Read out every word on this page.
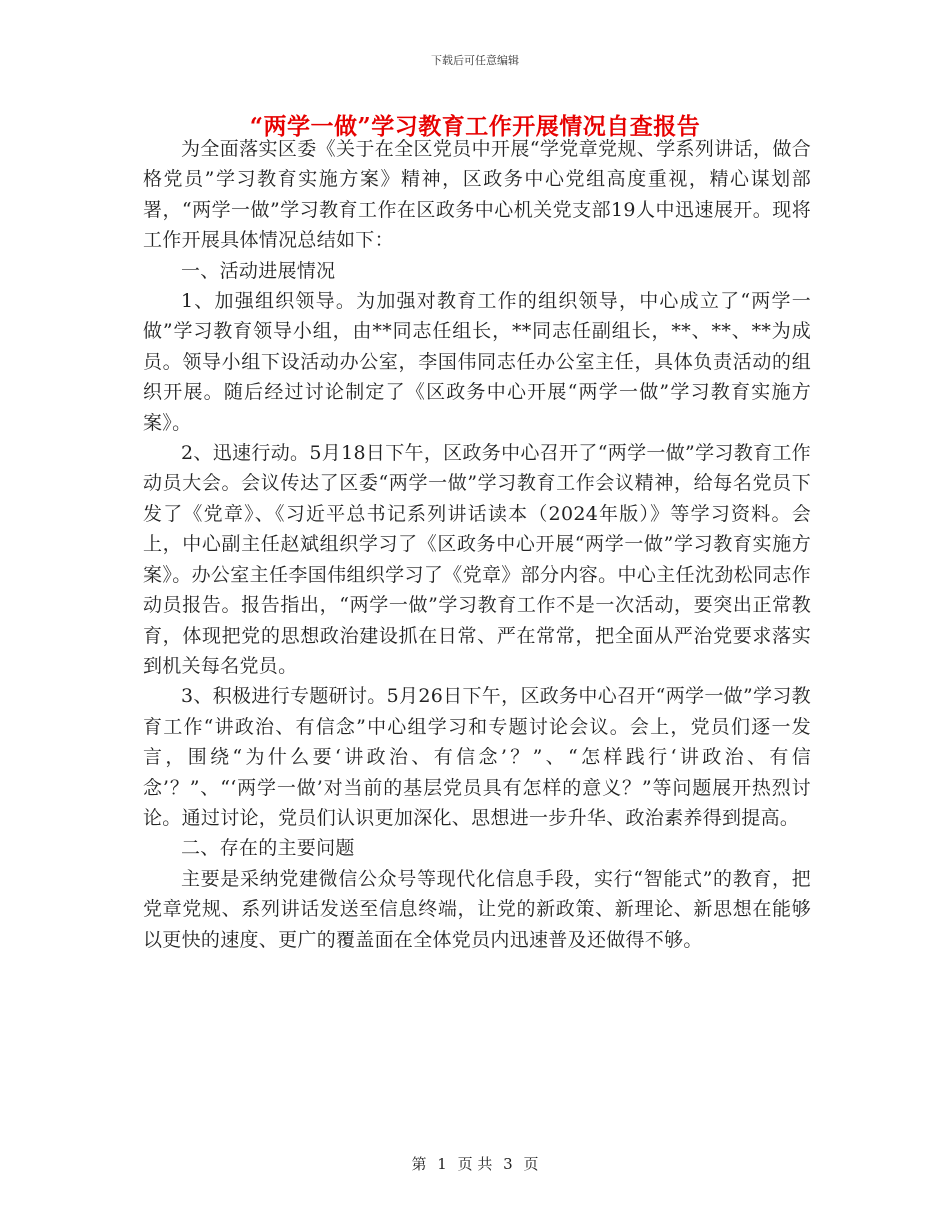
下载后可任意编辑
“两学一做”学习教育工作开展情况自查报告

为全面落实区委《关于在全区党员中开展“学党章党规、学系列讲话，做合格党员”学习教育实施方案》精神，区政务中心党组高度重视，精心谋划部署，“两学一做”学习教育工作在区政务中心机关党支部19人中迅速展开。现将工作开展具体情况总结如下：

一、活动进展情况

1、加强组织领导。为加强对教育工作的组织领导，中心成立了“两学一做”学习教育领导小组，由**同志任组长，**同志任副组长，**、**、**为成员。领导小组下设活动办公室，李国伟同志任办公室主任，具体负责活动的组织开展。随后经过讨论制定了《区政务中心开展“两学一做”学习教育实施方案》。

2、迅速行动。5月18日下午，区政务中心召开了“两学一做”学习教育工作动员大会。会议传达了区委“两学一做”学习教育工作会议精神，给每名党员下发了《党章》、《习近平总书记系列讲话读本（2024年版）》等学习资料。会上，中心副主任赵斌组织学习了《区政务中心开展“两学一做”学习教育实施方案》。办公室主任李国伟组织学习了《党章》部分内容。中心主任沈劲松同志作动员报告。报告指出，“两学一做”学习教育工作不是一次活动，要突出正常教育，体现把党的思想政治建设抓在日常、严在常常，把全面从严治党要求落实到机关每名党员。

3、积极进行专题研讨。5月26日下午，区政务中心召开“两学一做”学习教育工作“讲政治、有信念”中心组学习和专题讨论会议。会上，党员们逐一发言，围绕“为什么要‘讲政治、有信念’？”、“怎样践行‘讲政治、有信念’？”、“‘两学一做’对当前的基层党员具有怎样的意义？”等问题展开热烈讨论。通过讨论，党员们认识更加深化、思想进一步升华、政治素养得到提高。

二、存在的主要问题

主要是采纳党建微信公众号等现代化信息手段，实行“智能式”的教育，把党章党规、系列讲话发送至信息终端，让党的新政策、新理论、新思想在能够以更快的速度、更广的覆盖面在全体党员内迅速普及还做得不够。

第 1 页 共 3 页
